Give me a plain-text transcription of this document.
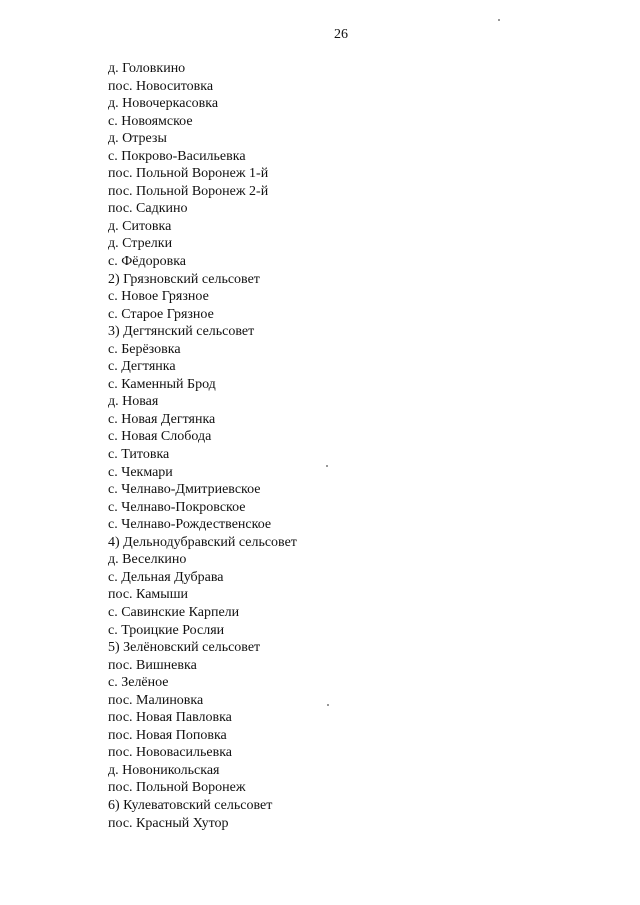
26
д. Головкино
пос. Новоситовка
д. Новочеркасовка
с. Новоямское
д. Отрезы
с. Покрово-Васильевка
пос. Польной Воронеж 1-й
пос. Польной Воронеж 2-й
пос. Садкино
д. Ситовка
д. Стрелки
с. Фёдоровка
2) Грязновский сельсовет
с. Новое Грязное
с. Старое Грязное
3) Дегтянский сельсовет
с. Берёзовка
с. Дегтянка
с. Каменный Брод
д. Новая
с. Новая Дегтянка
с. Новая Слобода
с. Титовка
с. Чекмари
с. Челнаво-Дмитриевское
с. Челнаво-Покровское
с. Челнаво-Рождественское
4) Дельнодубравский сельсовет
д. Веселкино
с. Дельная Дубрава
пос. Камыши
с. Савинские Карпели
с. Троицкие Росляи
5) Зелёновский сельсовет
пос. Вишневка
с. Зелёное
пос. Малиновка
пос. Новая Павловка
пос. Новая Поповка
пос. Нововасильевка
д. Новоникольская
пос. Польной Воронеж
6) Кулеватовский сельсовет
пос. Красный Хутор
